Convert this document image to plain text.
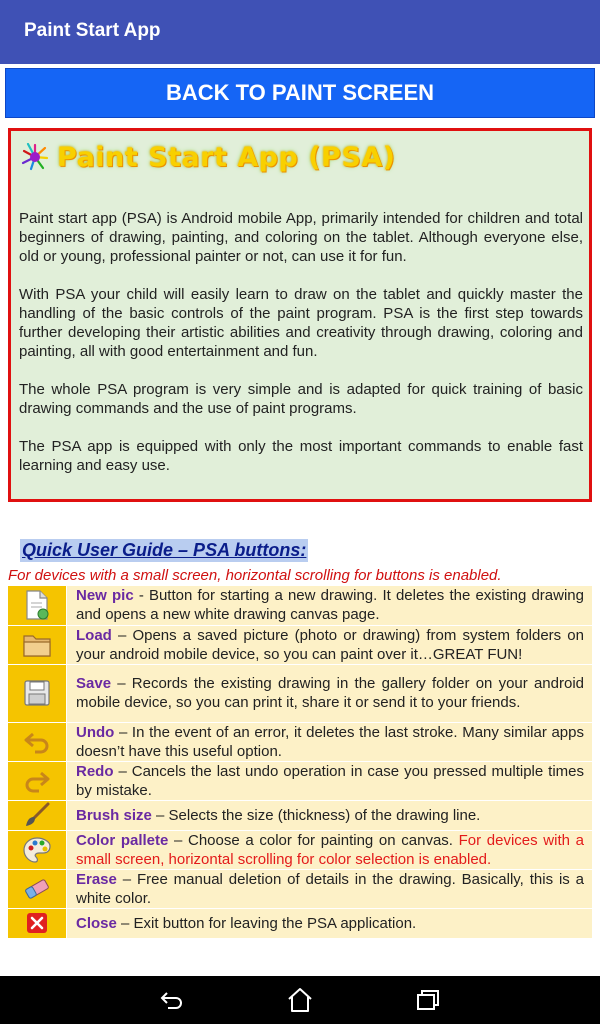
Paint Start App
BACK TO PAINT SCREEN
Paint Start App (PSA)

Paint start app (PSA) is Android mobile App, primarily intended for children and total beginners of drawing, painting, and coloring on the tablet. Although everyone else, old or young, professional painter or not, can use it for fun.

With PSA your child will easily learn to draw on the tablet and quickly master the handling of the basic controls of the paint program. PSA is the first step towards further developing their artistic abilities and creativity through drawing, coloring and painting, all with good entertainment and fun.

The whole PSA program is very simple and is adapted for quick training of basic drawing commands and the use of paint programs.

The PSA app is equipped with only the most important commands to enable fast learning and easy use.

Quick User Guide – PSA buttons:
For devices with a small screen, horizontal scrolling for buttons is enabled.
	New pic - Button for starting a new drawing. It deletes the existing drawing and opens a new white drawing canvas page.

	Load – Opens a saved picture (photo or drawing) from system folders on your android mobile device, so you can paint over it…GREAT FUN!

	Save – Records the existing drawing in the gallery folder on your android mobile device, so you can print it, share it or send it to your friends.

	Undo – In the event of an error, it deletes the last stroke. Many similar apps doesn’t have this useful option.

	Redo – Cancels the last undo operation in case you pressed multiple times by mistake.

	Brush size – Selects the size (thickness) of the drawing line.

	Color pallete – Choose a color for painting on canvas. For devices with a small screen, horizontal scrolling for color selection is enabled.

	Erase – Free manual deletion of details in the drawing. Basically, this is a white color.

	Close – Exit button for leaving the PSA application.
